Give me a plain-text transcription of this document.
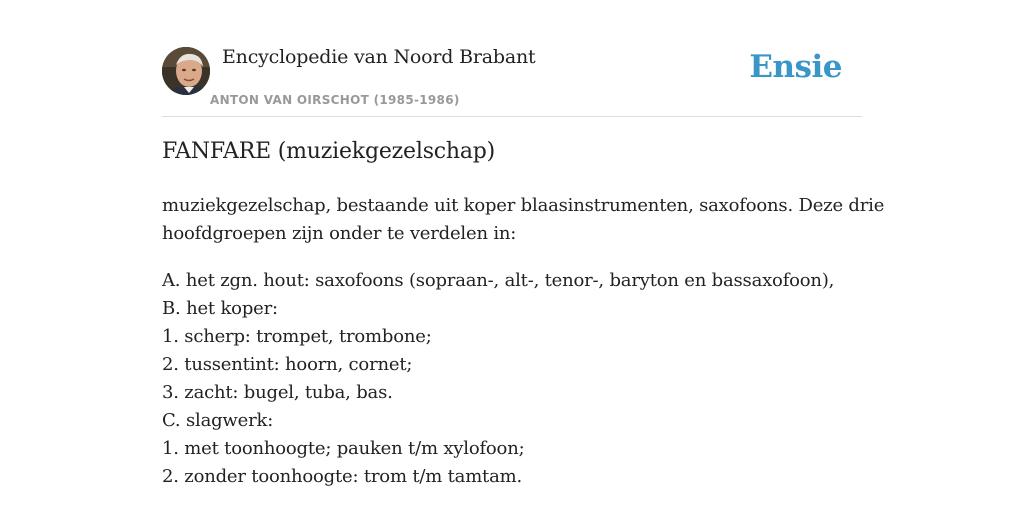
Encyclopedie van Noord Brabant
ANTON VAN OIRSCHOT (1985-1986)
Ensie
FANFARE (muziekgezelschap)

muziekgezelschap, bestaande uit koper blaasinstrumenten, saxofoons. Deze drie
hoofdgroepen zijn onder te verdelen in:

A. het zgn. hout: saxofoons (sopraan-, alt-, tenor-, baryton en bassaxofoon),
B. het koper:
1. scherp: trompet, trombone;
2. tussentint: hoorn, cornet;
3. zacht: bugel, tuba, bas.
C. slagwerk:
1. met toonhoogte; pauken t/m xylofoon;
2. zonder toonhoogte: trom t/m tamtam.
